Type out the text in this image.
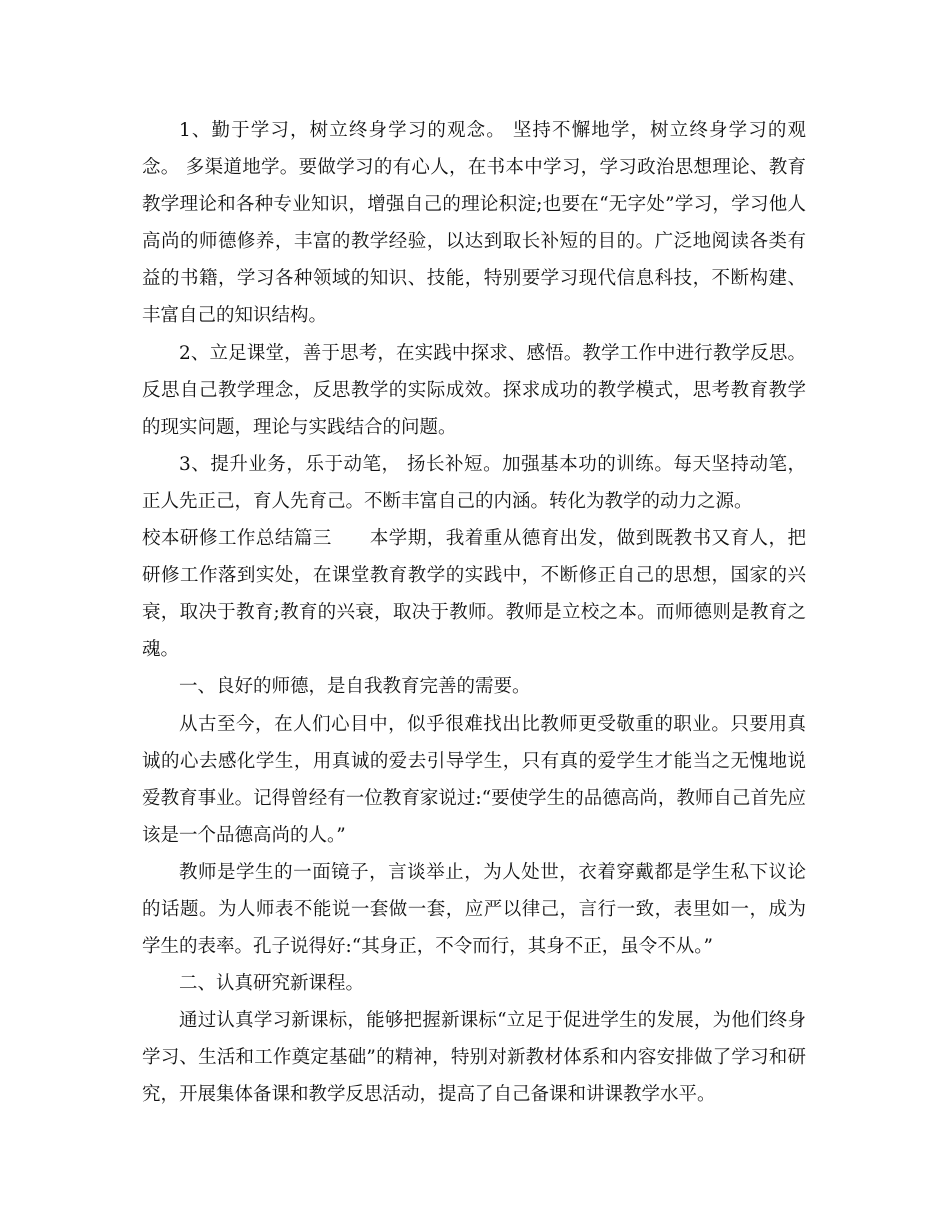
1、勤于学习，树立终身学习的观念。 坚持不懈地学，树立终身学习的观念。 多渠道地学。要做学习的有心人，在书本中学习，学习政治思想理论、教育教学理论和各种专业知识，增强自己的理论积淀;也要在“无字处”学习，学习他人高尚的师德修养，丰富的教学经验，以达到取长补短的目的。广泛地阅读各类有益的书籍，学习各种领域的知识、技能，特别要学习现代信息科技，不断构建、丰富自己的知识结构。

2、立足课堂，善于思考，在实践中探求、感悟。教学工作中进行教学反思。反思自己教学理念，反思教学的实际成效。探求成功的教学模式，思考教育教学的现实问题，理论与实践结合的问题。

3、提升业务，乐于动笔， 扬长补短。加强基本功的训练。每天坚持动笔，正人先正己，育人先育己。不断丰富自己的内涵。转化为教学的动力之源。

校本研修工作总结篇三　　本学期，我着重从德育出发，做到既教书又育人，把研修工作落到实处，在课堂教育教学的实践中，不断修正自己的思想，国家的兴衰，取决于教育;教育的兴衰，取决于教师。教师是立校之本。而师德则是教育之魂。

一、良好的师德，是自我教育完善的需要。

从古至今，在人们心目中，似乎很难找出比教师更受敬重的职业。只要用真诚的心去感化学生，用真诚的爱去引导学生，只有真的爱学生才能当之无愧地说爱教育事业。记得曾经有一位教育家说过:“要使学生的品德高尚，教师自己首先应该是一个品德高尚的人。”

教师是学生的一面镜子，言谈举止，为人处世，衣着穿戴都是学生私下议论的话题。为人师表不能说一套做一套，应严以律己，言行一致，表里如一，成为学生的表率。孔子说得好:“其身正，不令而行，其身不正，虽令不从。”

二、认真研究新课程。

通过认真学习新课标，能够把握新课标“立足于促进学生的发展，为他们终身学习、生活和工作奠定基础”的精神，特别对新教材体系和内容安排做了学习和研究，开展集体备课和教学反思活动，提高了自己备课和讲课教学水平。
